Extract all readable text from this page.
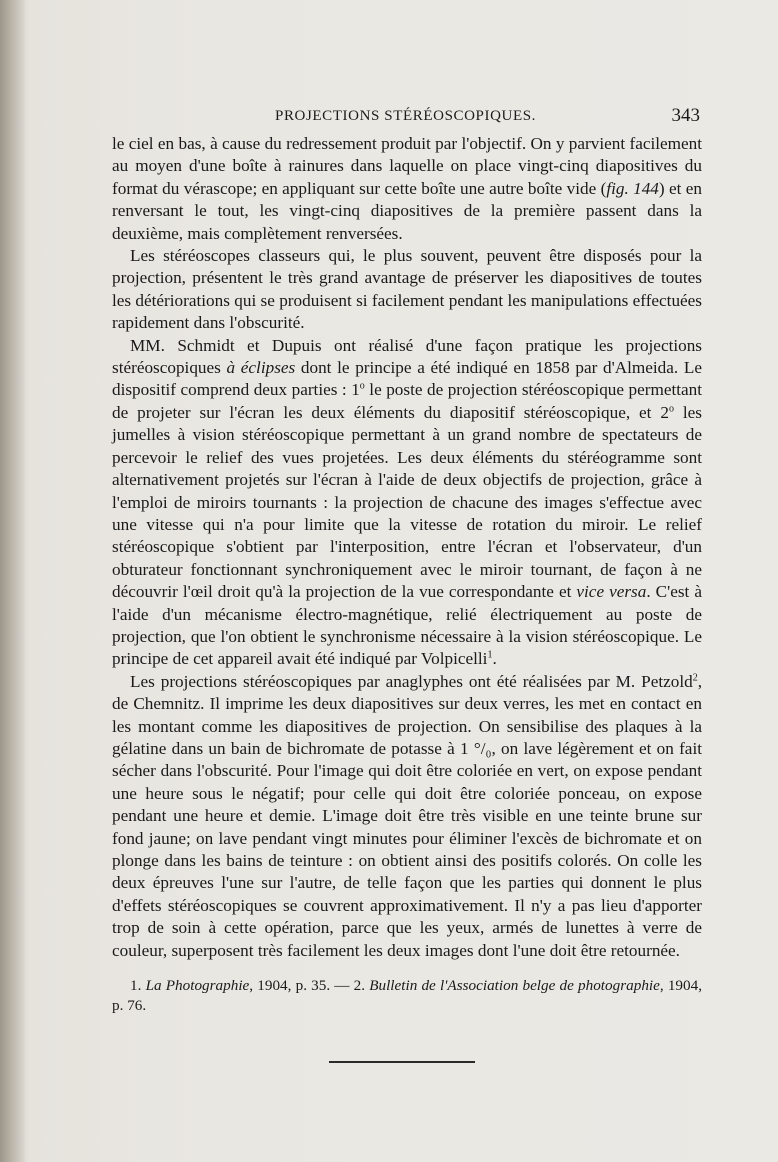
PROJECTIONS STÉRÉOSCOPIQUES.	343

le ciel en bas, à cause du redressement produit par l'objectif. On y parvient facilement au moyen d'une boîte à rainures dans laquelle on place vingt-cinq diapositives du format du vérascope; en appliquant sur cette boîte une autre boîte vide (fig. 144) et en renversant le tout, les vingt-cinq diapositives de la première passent dans la deuxième, mais complètement renversées.

Les stéréoscopes classeurs qui, le plus souvent, peuvent être disposés pour la projection, présentent le très grand avantage de préserver les diapositives de toutes les détériorations qui se produisent si facilement pendant les manipulations effectuées rapidement dans l'obscurité.

MM. Schmidt et Dupuis ont réalisé d'une façon pratique les projections stéréoscopiques à éclipses dont le principe a été indiqué en 1858 par d'Almeida. Le dispositif comprend deux parties : 1$^o$ le poste de projection stéréoscopique permettant de projeter sur l'écran les deux éléments du diapositif stéréoscopique, et 2$^o$ les jumelles à vision stéréoscopique permettant à un grand nombre de spectateurs de percevoir le relief des vues projetées. Les deux éléments du stéréogramme sont alternativement projetés sur l'écran à l'aide de deux objectifs de projection, grâce à l'emploi de miroirs tournants : la projection de chacune des images s'effectue avec une vitesse qui n'a pour limite que la vitesse de rotation du miroir. Le relief stéréoscopique s'obtient par l'interposition, entre l'écran et l'observateur, d'un obturateur fonctionnant synchroniquement avec le miroir tournant, de façon à ne découvrir l'œil droit qu'à la projection de la vue correspondante et vice versa. C'est à l'aide d'un mécanisme électro-magnétique, relié électriquement au poste de projection, que l'on obtient le synchronisme nécessaire à la vision stéréoscopique. Le principe de cet appareil avait été indiqué par Volpicelli$^1$.

Les projections stéréoscopiques par anaglyphes ont été réalisées par M. Petzold$^2$, de Chemnitz. Il imprime les deux diapositives sur deux verres, les met en contact en les montant comme les diapositives de projection. On sensibilise des plaques à la gélatine dans un bain de bichromate de potasse à 1 °/₀, on lave légèrement et on fait sécher dans l'obscurité. Pour l'image qui doit être coloriée en vert, on expose pendant une heure sous le négatif; pour celle qui doit être coloriée ponceau, on expose pendant une heure et demie. L'image doit être très visible en une teinte brune sur fond jaune; on lave pendant vingt minutes pour éliminer l'excès de bichromate et on plonge dans les bains de teinture : on obtient ainsi des positifs colorés. On colle les deux épreuves l'une sur l'autre, de telle façon que les parties qui donnent le plus d'effets stéréoscopiques se couvrent approximativement. Il n'y a pas lieu d'apporter trop de soin à cette opération, parce que les yeux, armés de lunettes à verre de couleur, superposent très facilement les deux images dont l'une doit être retournée.

1. La Photographie, 1904, p. 35. — 2. Bulletin de l'Association belge de photographie, 1904, p. 76.
